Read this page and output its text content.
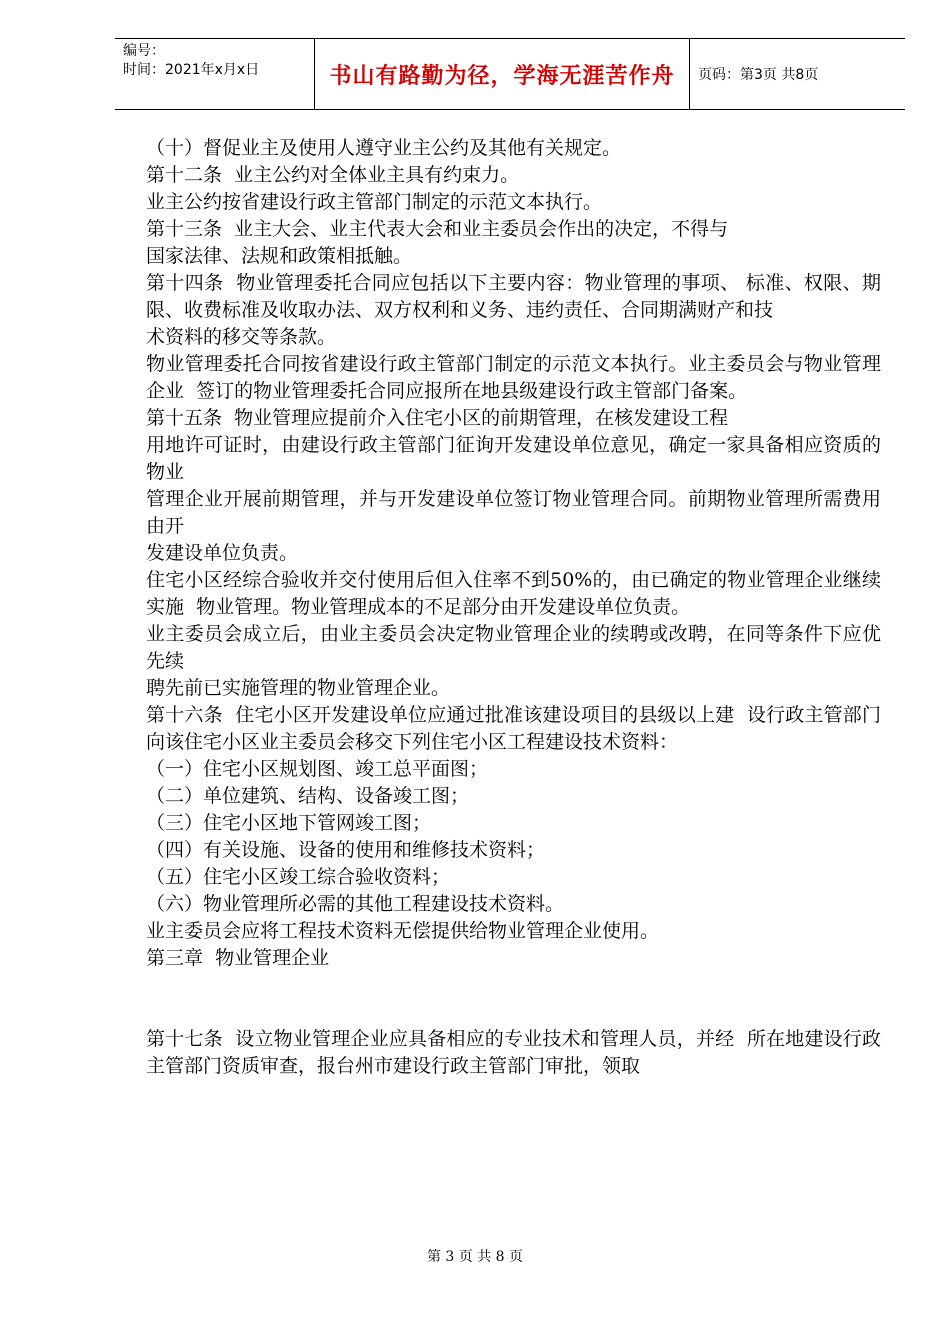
编号：
时间：2021年x月x日	书山有路勤为径，学海无涯苦作舟	页码：第3页 共8页

（十）督促业主及使用人遵守业主公约及其他有关规定。

第十二条  业主公约对全体业主具有约束力。

业主公约按省建设行政主管部门制定的示范文本执行。

第十三条  业主大会、业主代表大会和业主委员会作出的决定，不得与

国家法律、法规和政策相抵触。

第十四条  物业管理委托合同应包括以下主要内容：物业管理的事项、 标准、权限、期限、收费标准及收取办法、双方权利和义务、违约责任、合同期满财产和技

术资料的移交等条款。

物业管理委托合同按省建设行政主管部门制定的示范文本执行。业主委员会与物业管理企业  签订的物业管理委托合同应报所在地县级建设行政主管部门备案。

第十五条  物业管理应提前介入住宅小区的前期管理，在核发建设工程

用地许可证时，由建设行政主管部门征询开发建设单位意见，确定一家具备相应资质的物业

管理企业开展前期管理，并与开发建设单位签订物业管理合同。前期物业管理所需费用由开

发建设单位负责。

住宅小区经综合验收并交付使用后但入住率不到50%的，由已确定的物业管理企业继续实施  物业管理。物业管理成本的不足部分由开发建设单位负责。

业主委员会成立后，由业主委员会决定物业管理企业的续聘或改聘，在同等条件下应优先续

聘先前已实施管理的物业管理企业。

第十六条  住宅小区开发建设单位应通过批准该建设项目的县级以上建  设行政主管部门向该住宅小区业主委员会移交下列住宅小区工程建设技术资料：

（一）住宅小区规划图、竣工总平面图；

（二）单位建筑、结构、设备竣工图；

（三）住宅小区地下管网竣工图；

（四）有关设施、设备的使用和维修技术资料；

（五）住宅小区竣工综合验收资料；

（六）物业管理所必需的其他工程建设技术资料。

业主委员会应将工程技术资料无偿提供给物业管理企业使用。

第三章  物业管理企业

第十七条  设立物业管理企业应具备相应的专业技术和管理人员，并经  所在地建设行政主管部门资质审查，报台州市建设行政主管部门审批，领取

第 3 页 共 8 页
